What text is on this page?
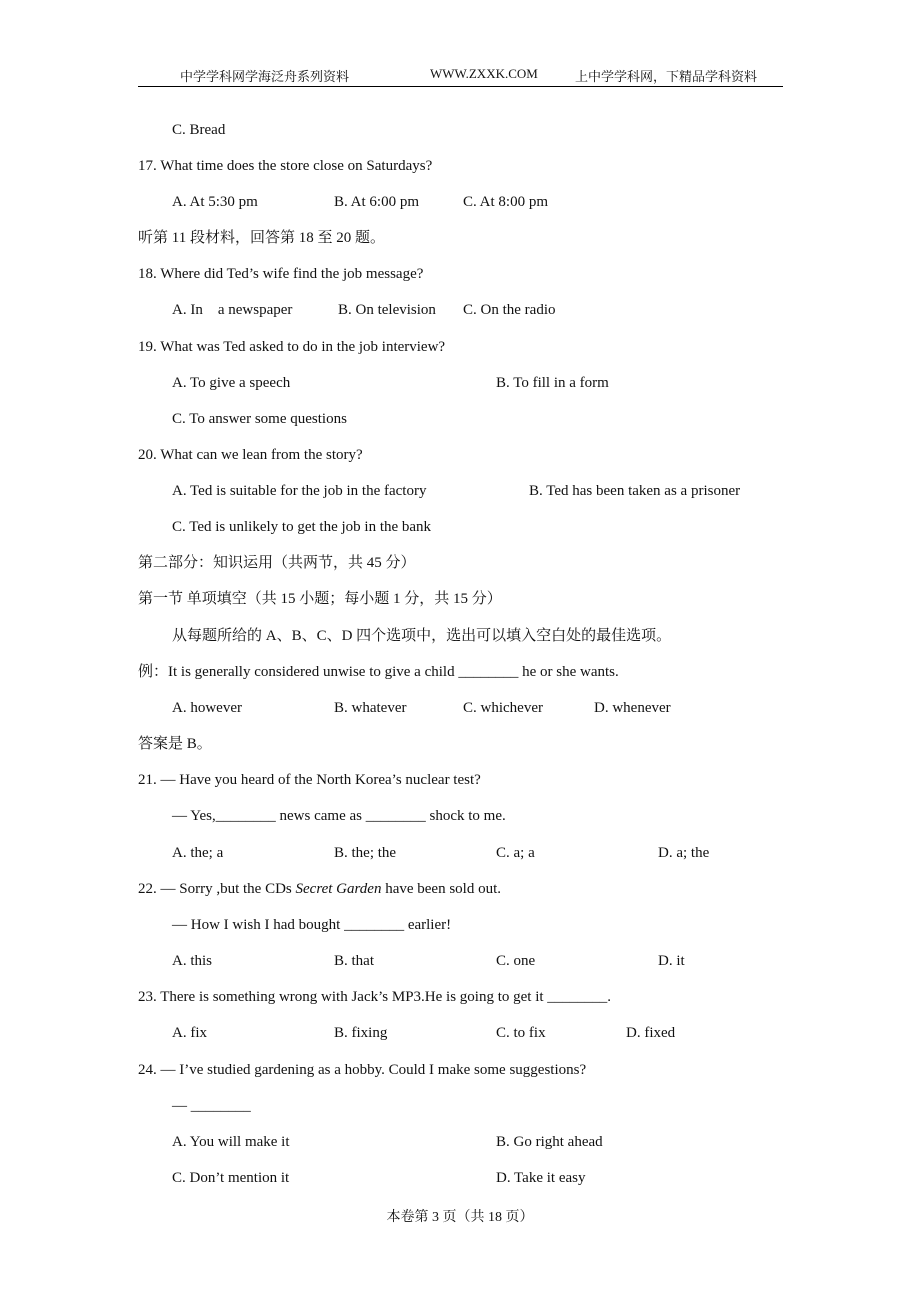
中学学科网学海泛舟系列资料	WWW.ZXXK.COM	上中学学科网，下精品学科资料
C. Bread
17. What time does the store close on Saturdays?
A. At 5:30 pm	B. At 6:00 pm	C. At 8:00 pm
听第 11 段材料，回答第 18 至 20 题。
18. Where did Ted’s wife find the job message?
A. In　a newspaper	B. On television C. On the radio
19. What was Ted asked to do in the job interview?
A. To give a speech	B. To fill in a form
C. To answer some questions
20. What can we lean from the story?
A. Ted is suitable for the job in the factory	B. Ted has been taken as a prisoner
C. Ted is unlikely to get the job in the bank
第二部分：知识运用（共两节，共 45 分）
第一节 单项填空（共 15 小题；每小题 1 分，共 15 分）
从每题所给的 A、B、C、D 四个选项中，选出可以填入空白处的最佳选项。
例：It is generally considered unwise to give a child ________ he or she wants.
A. however	B. whatever	C. whichever	D. whenever
答案是 B。
21. — Have you heard of the North Korea’s nuclear test?
— Yes,________ news came as ________ shock to me.
A. the; a	B. the; the	C. a; a	D. a; the
22. — Sorry ,but the CDs Secret Garden have been sold out.
— How I wish I had bought ________ earlier!
A. this	B. that	C. one	D. it
23. There is something wrong with Jack’s MP3.He is going to get it ________.
A. fix	B. fixing	C. to fix	D. fixed
24. — I’ve studied gardening as a hobby. Could I make some suggestions?
— ________
A. You will make it	B. Go right ahead
C. Don’t mention it	D. Take it easy
本卷第 3 页（共 18 页）
